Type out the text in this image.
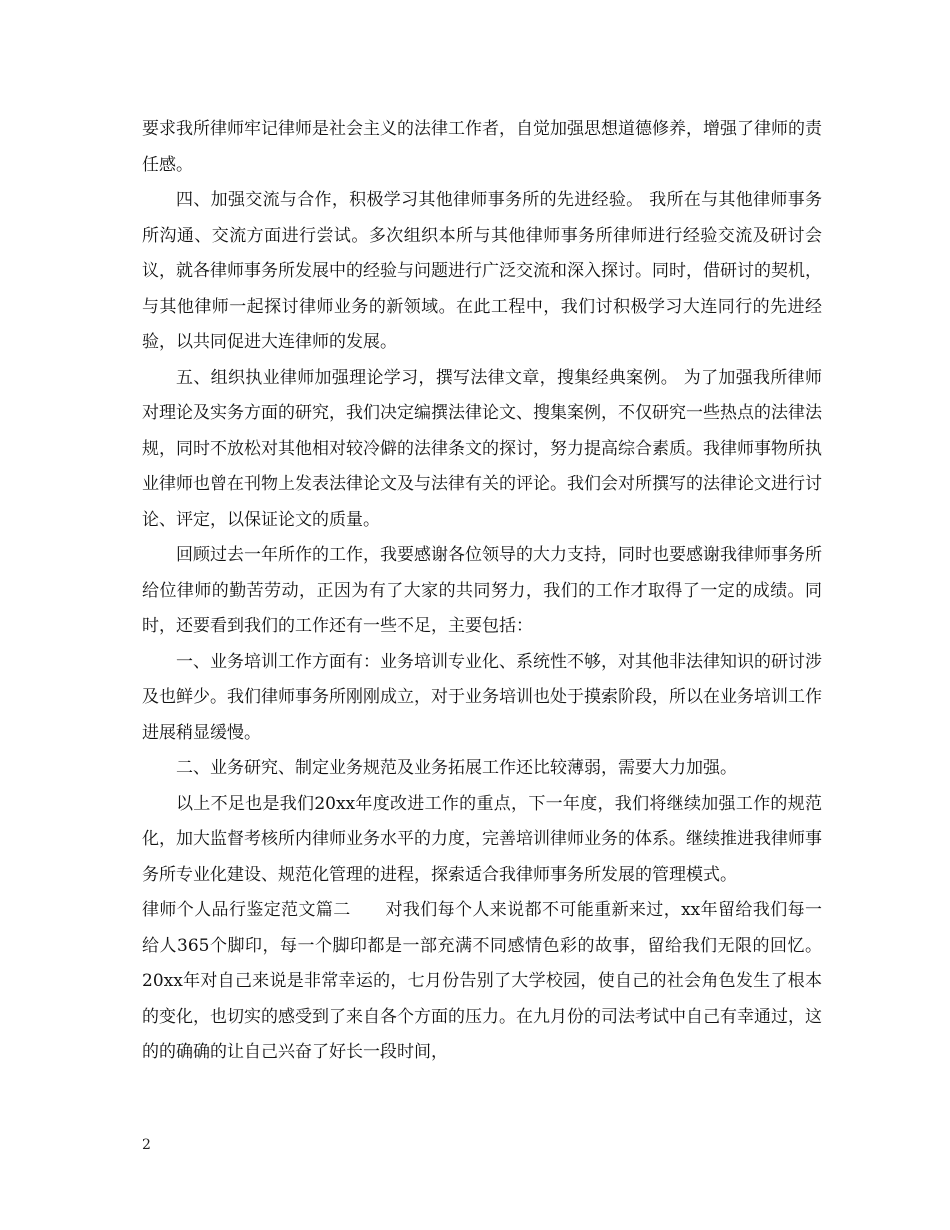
要求我所律师牢记律师是社会主义的法律工作者，自觉加强思想道德修养，增强了律师的责任感。

四、加强交流与合作，积极学习其他律师事务所的先进经验。 我所在与其他律师事务所沟通、交流方面进行尝试。多次组织本所与其他律师事务所律师进行经验交流及研讨会议，就各律师事务所发展中的经验与问题进行广泛交流和深入探讨。同时，借研讨的契机，与其他律师一起探讨律师业务的新领域。在此工程中，我们讨积极学习大连同行的先进经验，以共同促进大连律师的发展。

五、组织执业律师加强理论学习，撰写法律文章，搜集经典案例。 为了加强我所律师对理论及实务方面的研究，我们决定编撰法律论文、搜集案例，不仅研究一些热点的法律法规，同时不放松对其他相对较冷僻的法律条文的探讨，努力提高综合素质。我律师事物所执业律师也曾在刊物上发表法律论文及与法律有关的评论。我们会对所撰写的法律论文进行讨论、评定，以保证论文的质量。

回顾过去一年所作的工作，我要感谢各位领导的大力支持，同时也要感谢我律师事务所给位律师的勤苦劳动，正因为有了大家的共同努力，我们的工作才取得了一定的成绩。同时，还要看到我们的工作还有一些不足，主要包括：

一、业务培训工作方面有：业务培训专业化、系统性不够，对其他非法律知识的研讨涉及也鲜少。我们律师事务所刚刚成立，对于业务培训也处于摸索阶段，所以在业务培训工作进展稍显缓慢。

二、业务研究、制定业务规范及业务拓展工作还比较薄弱，需要大力加强。

以上不足也是我们20xx年度改进工作的重点，下一年度，我们将继续加强工作的规范化，加大监督考核所内律师业务水平的力度，完善培训律师业务的体系。继续推进我律师事务所专业化建设、规范化管理的进程，探索适合我律师事务所发展的管理模式。

律师个人品行鉴定范文篇二　　对我们每个人来说都不可能重新来过，xx年留给我们每一给人365个脚印，每一个脚印都是一部充满不同感情色彩的故事，留给我们无限的回忆。20xx年对自己来说是非常幸运的，七月份告别了大学校园，使自己的社会角色发生了根本的变化，也切实的感受到了来自各个方面的压力。在九月份的司法考试中自己有幸通过，这的的确确的让自己兴奋了好长一段时间，

2
